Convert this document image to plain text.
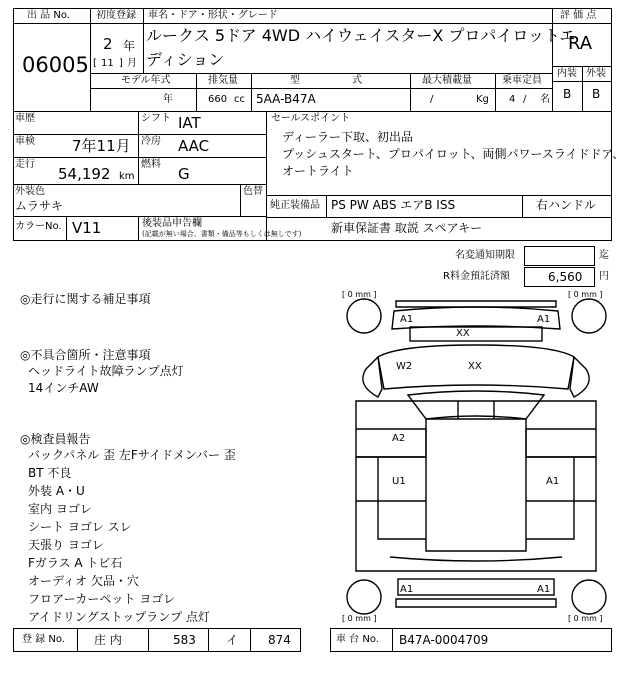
出 品 No.
06005
初度登録
2 年
[ 11 ] 月
車名・ドア・形状・グレード
ルークス 5ドア 4WD ハイウェイスターX プロパイロットエ
ディション
評 価 点
RA
内装 外装
B B
モデル年式
年
排気量
660 cc
型	式
5AA-B47A
最大積載量
/	Kg
乗車定員
4 / 名
車歴	シフト IAT
車検 7年11月 冷房 AAC
走行
54,192 km
燃料
G
外装色
ムラサキ
色替
カラーNo. V11	後装品申告欄
(記載が無い場合、書類・備品等もしくは無しです)
セールスポイント
ディーラー下取、初出品
プッシュスタート、プロパイロット、両側パワースライドドア、
オートライト
純正装備品 PS PW ABS エアB ISS	右ハンドル
新車保証書 取説 スペアキー
名変通知期限	迄
R料金預託済額	6,560 円
◎走行に関する補足事項
◎不具合箇所・注意事項
ヘッドライト故障ランプ点灯
14インチAW
◎検査員報告
バックパネル 歪 左Fサイドメンバー 歪
BT 不良
外装 A・U
室内 ヨゴレ
シート ヨゴレ スレ
天張り ヨゴレ
Fガラス A トビ石
オーディオ 欠品・穴
フロアーカーペット ヨゴレ
アイドリングストップランプ 点灯
[ 0 mm ]	[ 0 mm ]
[ 0 mm ]	[ 0 mm ]
A1	A1
XX
W2	XX
A2
U1	A1
A1	A1
登 録 No. 庄 内	583	イ 874	車 台 No. B47A-0004709
